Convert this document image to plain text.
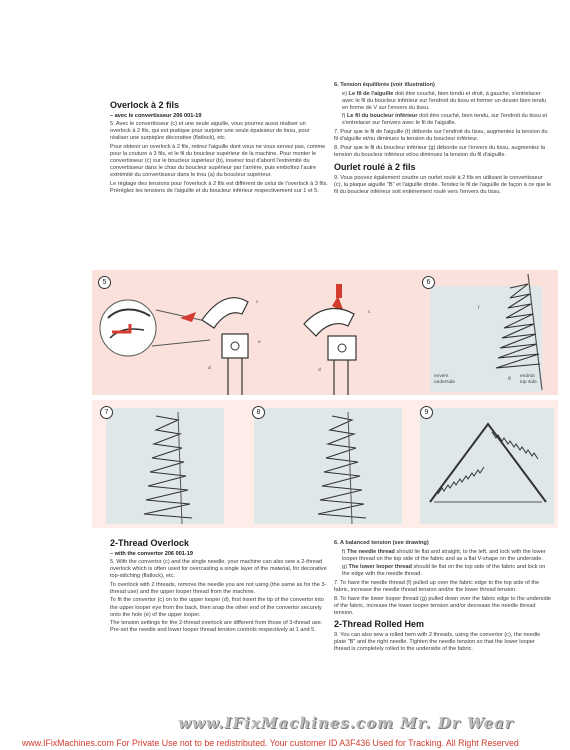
Overlock à 2 fils
– avec le convertisseur 206 001-19

5. Avec le convertisseur (c) et une seule aiguille, vous pourrez aussi réaliser un overlock à 2 fils, qui est pratique pour surjeter une seule épaisseur de tissu, pour réaliser une surpiqûre décorative (flatlock), etc.

Pour obtenir un overlock à 2 fils, retirez l'aiguille dont vous ne vous servez pas, comme pour la couture à 3 fils, et le fil du boucleur supérieur de la machine. Pour monter le convertisseur (c) sur le boucleur supérieur (b), insérez tout d'abord l'extrémité du convertisseur dans le chas du boucleur supérieur par l'arrière, puis emboîtez l'autre extrémité du convertisseur dans le trou (a) du boucleur supérieur.

Le réglage des tensions pour l'overlock à 2 fils est différent de celui de l'overlock à 3 fils. Préréglez les tensions de l'aiguille et du boucleur inférieur respectivement sur 1 et 5.

6. Tension équilibrée (voir illustration)

e) Le fil de l'aiguille doit être couché, bien tendu et droit, à gauche, s'entrelacer avec le fil du boucleur inférieur sur l'endroit du tissu et former un dessin bien tendu en forme de V sur l'envers du tissu.

f) Le fil du boucleur inférieur doit être couché, bien tendu, sur l'endroit du tissu et s'entrelacer sur l'envers avec le fil de l'aiguille.

7. Pour que le fil de l'aiguille (f) déborde sur l'endroit du tissu, augmentez la tension du fil d'aiguille et/ou diminuez la tension du boucleur inférieur.

8. Pour que le fil du boucleur inférieur (g) déborde sur l'envers du tissu, augmentez la tension du boucleur inférieur et/ou diminuez la tension du fil d'aiguille.

Ourlet roulé à 2 fils

9. Vous pouvez également coudre un ourlet roulé à 2 fils en utilisant le convertisseur (c), la plaque aiguille "B" et l'aiguille droite. Tendez le fil de l'aiguille de façon à ce que le fil du boucleur inférieur soit entièrement roulé vers l'envers du tissu.

5
c
d
e
c
d
6
f
g
envers
underside
endroit
top side
7	8	9
2-Thread Overlock
– with the convertor 206 001-19

5. With the convertor (c) and the single needle, your machine can also sew a 2-thread overlock which is often used for overcasting a single layer of the material, for decorative top-stitching (flatlock), etc.

To overlock with 2 threads, remove the needle you are not using (the same as for the 3-thread use) and the upper looper thread from the machine.

To fit the convertor (c) on to the upper looper (d), first insert the tip of the convertor into the upper looper eye from the back, then snap the other end of the convertor securely onto the hole (e) of the upper looper.

The tension settings for the 2-thread overlock are different from those of 3-thread use. Pre-set the needle and lower looper thread tension controls respectively at 1 and 5.

6. A balanced tension (see drawing)

f) The needle thread should lie flat and straight, to the left, and lock with the lower looper thread on the top side of the fabric and as a flat V-shape on the underside.

g) The lower looper thread should lie flat on the top side of the fabric and lock on the edge with the needle thread.

7. To have the needle thread (f) pulled up over the fabric edge to the top side of the fabric, increase the needle thread tension and/or the lower thread tension.

8. To have the lower looper thread (g) pulled down over the fabric edge to the underside of the fabric, increase the lower looper tension and/or decrease the needle thread tension.

2-Thread Rolled Hem

9. You can also sew a rolled hem with 2 threads, using the convertor (c), the needle plate "B" and the right needle. Tighten the needle tension so that the lower looper thread is completely rolled to the underside of the fabric.

www.IFixMachines.com Mr. Dr Wear
www.IFixMachines.com For Private Use not to be redistributed. Your customer ID A3F436 Used for Tracking. All Right Reserved
